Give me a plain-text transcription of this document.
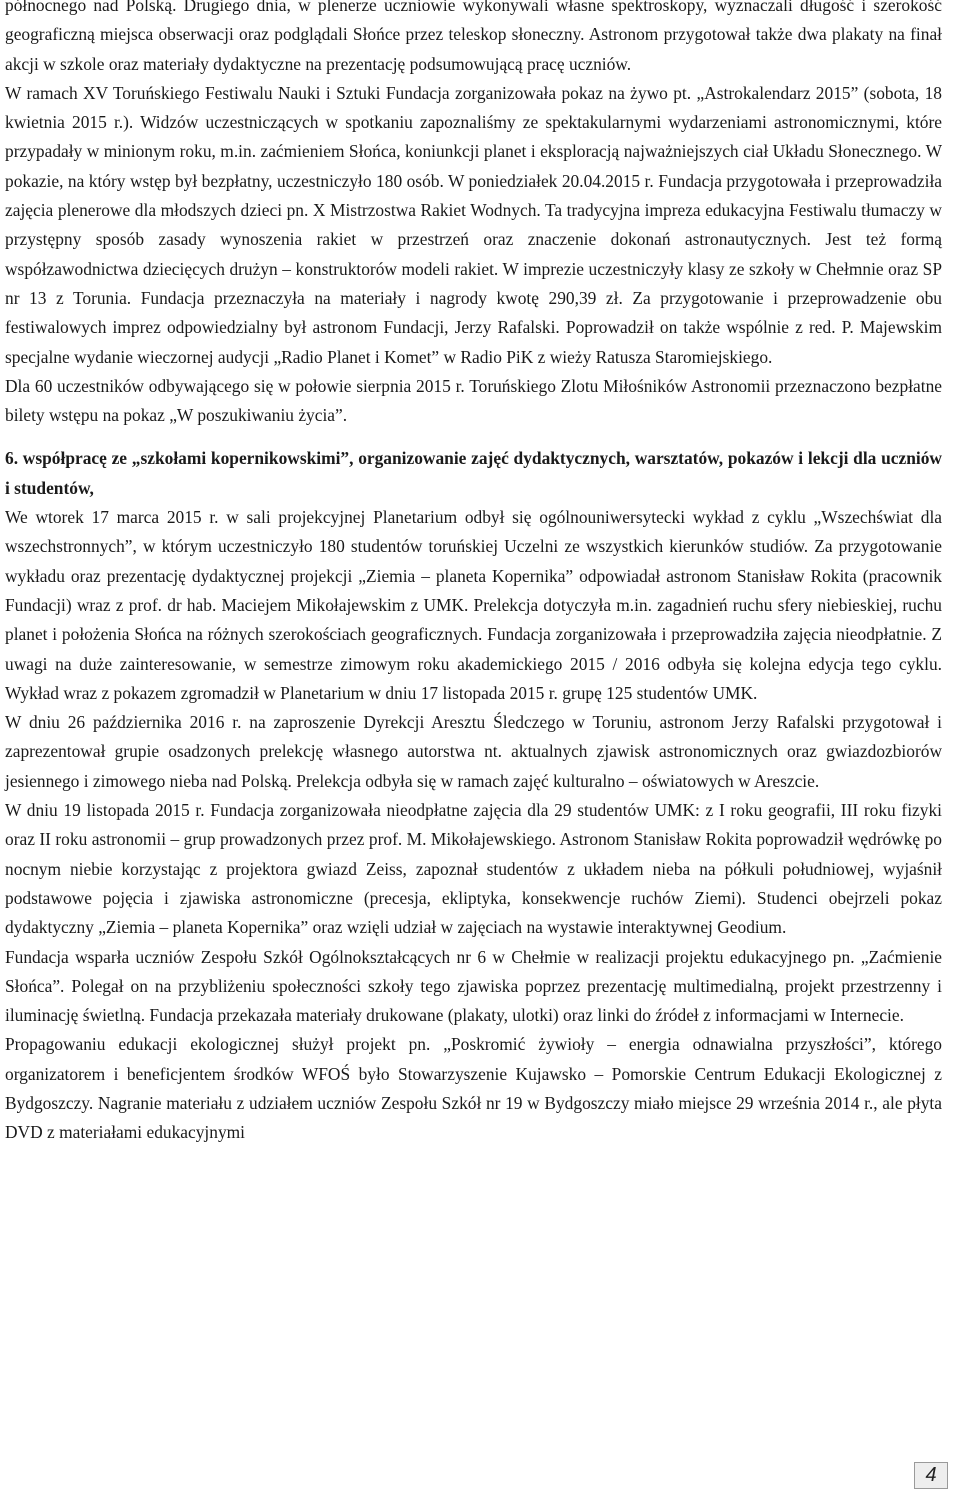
północnego nad Polską. Drugiego dnia, w plenerze uczniowie wykonywali własne spektroskopy, wyznaczali długość i szerokość geograficzną miejsca obserwacji oraz podglądali Słońce przez teleskop słoneczny. Astronom przygotował także dwa plakaty na finał akcji w szkole oraz materiały dydaktyczne na prezentację podsumowującą pracę uczniów.

W ramach XV Toruńskiego Festiwalu Nauki i Sztuki Fundacja zorganizowała pokaz na żywo pt. „Astrokalendarz 2015” (sobota, 18 kwietnia 2015 r.). Widzów uczestniczących w spotkaniu zapoznaliśmy ze spektakularnymi wydarzeniami astronomicznymi, które przypadały w minionym roku, m.in. zaćmieniem Słońca, koniunkcji planet i eksploracją najważniejszych ciał Układu Słonecznego. W pokazie, na który wstęp był bezpłatny, uczestniczyło 180 osób. W poniedziałek 20.04.2015 r. Fundacja przygotowała i przeprowadziła zajęcia plenerowe dla młodszych dzieci pn. X Mistrzostwa Rakiet Wodnych. Ta tradycyjna impreza edukacyjna Festiwalu tłumaczy w przystępny sposób zasady wynoszenia rakiet w przestrzeń oraz znaczenie dokonań astronautycznych. Jest też formą współzawodnictwa dziecięcych drużyn – konstruktorów modeli rakiet. W imprezie uczestniczyły klasy ze szkoły w Chełmnie oraz SP nr 13 z Torunia. Fundacja przeznaczyła na materiały i nagrody kwotę 290,39 zł. Za przygotowanie i przeprowadzenie obu festiwalowych imprez odpowiedzialny był astronom Fundacji, Jerzy Rafalski. Poprowadził on także wspólnie z red. P. Majewskim specjalne wydanie wieczornej audycji „Radio Planet i Komet” w Radio PiK z wieży Ratusza Staromiejskiego.

Dla 60 uczestników odbywającego się w połowie sierpnia 2015 r. Toruńskiego Zlotu Miłośników Astronomii przeznaczono bezpłatne bilety wstępu na pokaz „W poszukiwaniu życia”.

6. współpracę ze „szkołami kopernikowskimi”, organizowanie zajęć dydaktycznych, warsztatów, pokazów i lekcji dla uczniów i studentów,

We wtorek 17 marca 2015 r. w sali projekcyjnej Planetarium odbył się ogólnouniwersytecki wykład z cyklu „Wszechświat dla wszechstronnych”, w którym uczestniczyło 180 studentów toruńskiej Uczelni ze wszystkich kierunków studiów. Za przygotowanie wykładu oraz prezentację dydaktycznej projekcji „Ziemia – planeta Kopernika” odpowiadał astronom Stanisław Rokita (pracownik Fundacji) wraz z prof. dr hab. Maciejem Mikołajewskim z UMK. Prelekcja dotyczyła m.in. zagadnień ruchu sfery niebieskiej, ruchu planet i położenia Słońca na różnych szerokościach geograficznych. Fundacja zorganizowała i przeprowadziła zajęcia nieodpłatnie. Z uwagi na duże zainteresowanie, w semestrze zimowym roku akademickiego 2015 / 2016 odbyła się kolejna edycja tego cyklu. Wykład wraz z pokazem zgromadził w Planetarium w dniu 17 listopada 2015 r. grupę 125 studentów UMK.

W dniu 26 października 2016 r. na zaproszenie Dyrekcji Aresztu Śledczego w Toruniu, astronom Jerzy Rafalski przygotował i zaprezentował grupie osadzonych prelekcję własnego autorstwa nt. aktualnych zjawisk astronomicznych oraz gwiazdozbiorów jesiennego i zimowego nieba nad Polską. Prelekcja odbyła się w ramach zajęć kulturalno – oświatowych w Areszcie.

W dniu 19 listopada 2015 r. Fundacja zorganizowała nieodpłatne zajęcia dla 29 studentów UMK: z I roku geografii, III roku fizyki oraz II roku astronomii – grup prowadzonych przez prof. M. Mikołajewskiego. Astronom Stanisław Rokita poprowadził wędrówkę po nocnym niebie korzystając z projektora gwiazd Zeiss, zapoznał studentów z układem nieba na półkuli południowej, wyjaśnił podstawowe pojęcia i zjawiska astronomiczne (precesja, ekliptyka, konsekwencje ruchów Ziemi). Studenci obejrzeli pokaz dydaktyczny „Ziemia – planeta Kopernika” oraz wzięli udział w zajęciach na wystawie interaktywnej Geodium.

Fundacja wsparła uczniów Zespołu Szkół Ogólnokształcących nr 6 w Chełmie w realizacji projektu edukacyjnego pn. „Zaćmienie Słońca”. Polegał on na przybliżeniu społeczności szkoły tego zjawiska poprzez prezentację multimedialną, projekt przestrzenny i iluminację świetlną. Fundacja przekazała materiały drukowane (plakaty, ulotki) oraz linki do źródeł z informacjami w Internecie.

Propagowaniu edukacji ekologicznej służył projekt pn. „Poskromić żywioły – energia odnawialna przyszłości”, którego organizatorem i beneficjentem środków WFOŚ było Stowarzyszenie Kujawsko – Pomorskie Centrum Edukacji Ekologicznej z Bydgoszczy. Nagranie materiału z udziałem uczniów Zespołu Szkół nr 19 w Bydgoszczy miało miejsce 29 września 2014 r., ale płyta DVD z materiałami edukacyjnymi

4
